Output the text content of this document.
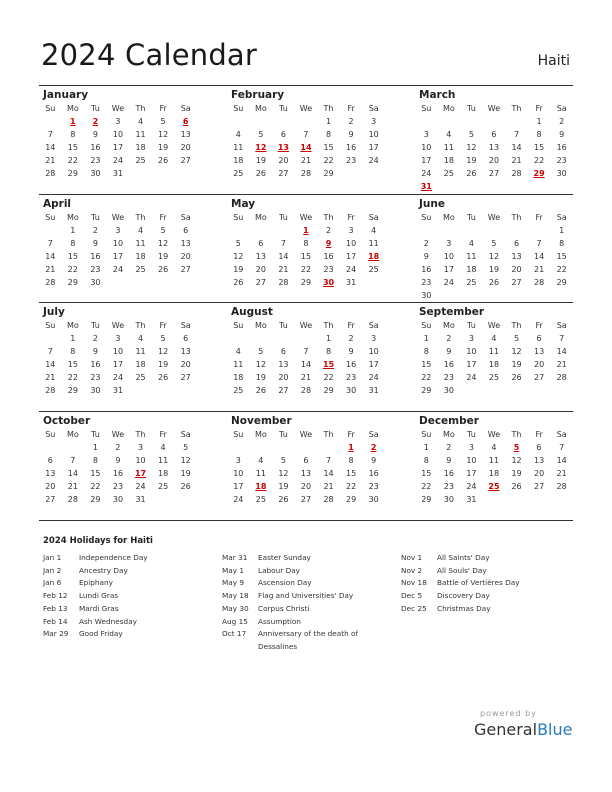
2024 Calendar	Haiti
January
Su	Mo	Tu	We	Th	Fr	Sa
	1	2	3	4	5	6
7	8	9	10	11	12	13
14	15	16	17	18	19	20
21	22	23	24	25	26	27
28	29	30	31			
February
Su	Mo	Tu	We	Th	Fr	Sa
				1	2	3
4	5	6	7	8	9	10
11	12	13	14	15	16	17
18	19	20	21	22	23	24
25	26	27	28	29		
March
Su	Mo	Tu	We	Th	Fr	Sa
					1	2
3	4	5	6	7	8	9
10	11	12	13	14	15	16
17	18	19	20	21	22	23
24	25	26	27	28	29	30
31						
April
Su	Mo	Tu	We	Th	Fr	Sa
	1	2	3	4	5	6
7	8	9	10	11	12	13
14	15	16	17	18	19	20
21	22	23	24	25	26	27
28	29	30				
May
Su	Mo	Tu	We	Th	Fr	Sa
			1	2	3	4
5	6	7	8	9	10	11
12	13	14	15	16	17	18
19	20	21	22	23	24	25
26	27	28	29	30	31	
June
Su	Mo	Tu	We	Th	Fr	Sa
						1
2	3	4	5	6	7	8
9	10	11	12	13	14	15
16	17	18	19	20	21	22
23	24	25	26	27	28	29
30						
July
Su	Mo	Tu	We	Th	Fr	Sa
	1	2	3	4	5	6
7	8	9	10	11	12	13
14	15	16	17	18	19	20
21	22	23	24	25	26	27
28	29	30	31			
August
Su	Mo	Tu	We	Th	Fr	Sa
				1	2	3
4	5	6	7	8	9	10
11	12	13	14	15	16	17
18	19	20	21	22	23	24
25	26	27	28	29	30	31
September
Su	Mo	Tu	We	Th	Fr	Sa
1	2	3	4	5	6	7
8	9	10	11	12	13	14
15	16	17	18	19	20	21
22	23	24	25	26	27	28
29	30					
October
Su	Mo	Tu	We	Th	Fr	Sa
		1	2	3	4	5
6	7	8	9	10	11	12
13	14	15	16	17	18	19
20	21	22	23	24	25	26
27	28	29	30	31		
November
Su	Mo	Tu	We	Th	Fr	Sa
					1	2
3	4	5	6	7	8	9
10	11	12	13	14	15	16
17	18	19	20	21	22	23
24	25	26	27	28	29	30
December
Su	Mo	Tu	We	Th	Fr	Sa
1	2	3	4	5	6	7
8	9	10	11	12	13	14
15	16	17	18	19	20	21
22	23	24	25	26	27	28
29	30	31				
2024 Holidays for Haiti
Jan 1	Independence Day
Jan 2	Ancestry Day
Jan 6	Epiphany
Feb 12	Lundi Gras
Feb 13	Mardi Gras
Feb 14	Ash Wednesday
Mar 29	Good Friday
Mar 31	Easter Sunday
May 1	Labour Day
May 9	Ascension Day
May 18	Flag and Universities' Day
May 30	Corpus Christi
Aug 15	Assumption
Oct 17	Anniversary of the death of Dessalines
Nov 1	All Saints' Day
Nov 2	All Souls' Day
Nov 18	Battle of Vertières Day
Dec 5	Discovery Day
Dec 25	Christmas Day
powered by
GeneralBlue
